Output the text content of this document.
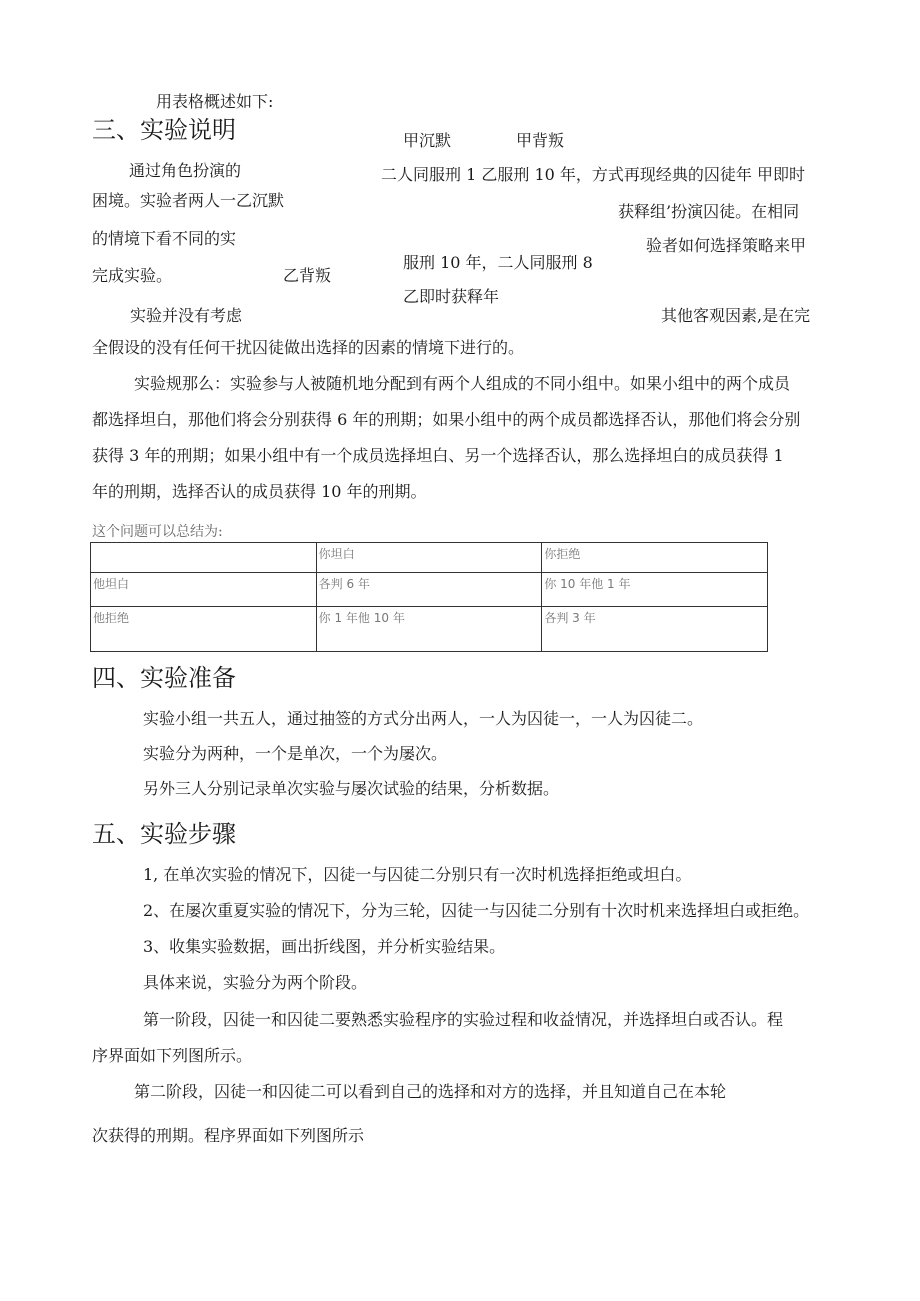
用表格概述如下:
三、实验说明
通过角色扮演的
困境。实验者两人一乙沉默
的情境下看不同的实
完成实验。	乙背叛
甲沉默	甲背叛
二人同服刑 1 乙服刑 10 年，方式再现经典的囚徒年 甲即时
获释组’扮演囚徒。在相同
验者如何选择策略来甲
服刑 10 年，二人同服刑 8
乙即时获释年
实验并没有考虑	其他客观因素,是在完
全假设的没有任何干扰囚徒做出选择的因素的情境下进行的。
实验规那么：实验参与人被随机地分配到有两个人组成的不同小组中。如果小组中的两个成员
都选择坦白，那他们将会分别获得 6 年的刑期；如果小组中的两个成员都选择否认，那他们将会分别
获得 3 年的刑期；如果小组中有一个成员选择坦白、另一个选择否认，那么选择坦白的成员获得 1
年的刑期，选择否认的成员获得 10 年的刑期。
这个问题可以总结为:
	你坦白	你拒绝
他坦白	各判 6 年	你 10 年他 1 年
他拒绝	你 1 年他 10 年	各判 3 年
四、实验准备
实验小组一共五人，通过抽签的方式分出两人，一人为囚徒一，一人为囚徒二。
实验分为两种，一个是单次，一个为屡次。
另外三人分别记录单次实验与屡次试验的结果，分析数据。
五、实验步骤
1, 在单次实验的情况下，囚徒一与囚徒二分别只有一次时机选择拒绝或坦白。
2、在屡次重夏实验的情况下，分为三轮，囚徒一与囚徒二分别有十次时机来选择坦白或拒绝。
3、收集实验数据，画出折线图，并分析实验结果。
具体来说，实验分为两个阶段。
第一阶段，囚徒一和囚徒二要熟悉实验程序的实验过程和收益情况，并选择坦白或否认。程
序界面如下列图所示。
第二阶段，囚徒一和囚徒二可以看到自己的选择和对方的选择，并且知道自己在本轮
次获得的刑期。程序界面如下列图所示
